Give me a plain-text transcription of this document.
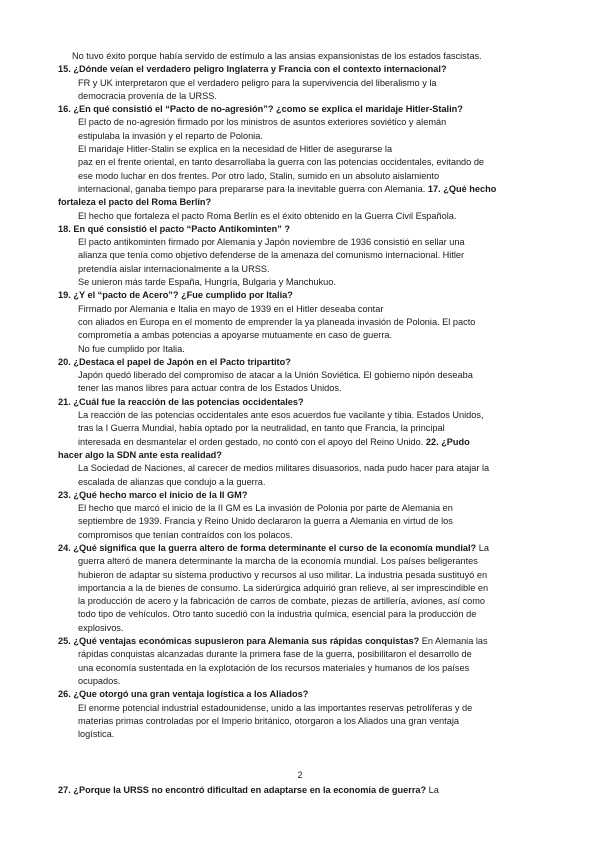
No tuvo éxito porque había servido de estímulo a las ansias expansionistas de los estados fascistas.
15. ¿Dónde veían el verdadero peligro Inglaterra y Francia con el contexto internacional?
FR y UK interpretaron que el verdadero peligro para la supervivencia del liberalismo y la
democracia provenía de la URSS.
16. ¿En qué consistió el “Pacto de no-agresión”? ¿como se explica el maridaje Hitler-Stalin?
El pacto de no-agresión firmado por los ministros de asuntos exteriores soviético y alemán
estipulaba la invasión y el reparto de Polonia.
El maridaje Hitler-Stalin se explica en la necesidad de Hitler de asegurarse la
paz en el frente oriental, en tanto desarrollaba la guerra con las potencias occidentales, evitando de
ese modo luchar en dos frentes. Por otro lado, Stalin, sumido en un absoluto aislamiento
internacional, ganaba tiempo para prepararse para la inevitable guerra con Alemania. 17. ¿Qué hecho
fortaleza el pacto del Roma Berlín?
El hecho que fortaleza el pacto Roma Berlín es el éxito obtenido en la Guerra Civil Española.
18. En qué consistió el pacto “Pacto Antikominten” ?
El pacto antikominten firmado por Alemania y Japón noviembre de 1936 consistió en sellar una
alianza que tenía como objetivo defenderse de la amenaza del comunismo internacional. Hitler
pretendía aislar internacionalmente a la URSS.
Se unieron más tarde España, Hungría, Bulgaria y Manchukuo.
19. ¿Y el “pacto de Acero”? ¿Fue cumplido por Italia?
Firmado por Alemania e Italia en mayo de 1939 en el Hitler deseaba contar
con aliados en Europa en el momento de emprender la ya planeada invasión de Polonia. El pacto
comprometía a ambas potencias a apoyarse mutuamente en caso de guerra.
No fue cumplido por Italia.
20. ¿Destaca el papel de Japón en el Pacto tripartito?
Japón quedó liberado del compromiso de atacar a la Unión Soviética. El gobierno nipón deseaba
tener las manos libres para actuar contra de los Estados Unidos.
21. ¿Cuál fue la reacción de las potencias occidentales?
La reacción de las potencias occidentales ante esos acuerdos fue vacilante y tibia. Estados Unidos,
tras la I Guerra Mundial, había optado por la neutralidad, en tanto que Francia, la principal
interesada en desmantelar el orden gestado, no contó con el apoyo del Reino Unido. 22. ¿Pudo
hacer algo la SDN ante esta realidad?
La Sociedad de Naciones, al carecer de medios militares disuasorios, nada pudo hacer para atajar la
escalada de alianzas que condujo a la guerra.
23. ¿Qué hecho marco el inicio de la II GM?
El hecho que marcó el inicio de la II GM es La invasión de Polonia por parte de Alemania en
septiembre de 1939. Francia y Reino Unido declararon la guerra a Alemania en virtud de los
compromisos que tenían contraídos con los polacos.
24. ¿Qué significa que la guerra altero de forma determinante el curso de la economía mundial? La
guerra alteró de manera determinante la marcha de la economía mundial. Los países beligerantes
hubieron de adaptar su sistema productivo y recursos al uso militar. La industria pesada sustituyó en
importancia a la de bienes de consumo. La siderúrgica adquirió gran relieve, al ser imprescindible en
la producción de acero y la fabricación de carros de combate, piezas de artillería, aviones, así como
todo tipo de vehículos. Otro tanto sucedió con la industria química, esencial para la producción de
explosivos.
25. ¿Qué ventajas económicas supusieron para Alemania sus rápidas conquistas? En Alemania las
rápidas conquistas alcanzadas durante la primera fase de la guerra, posibilitaron el desarrollo de
una economía sustentada en la explotación de los recursos materiales y humanos de los países
ocupados.
26. ¿Que otorgó una gran ventaja logística a los Aliados?
El enorme potencial industrial estadounidense, unido a las importantes reservas petrolíferas y de
materias primas controladas por el Imperio británico, otorgaron a los Aliados una gran ventaja
logística.
2
27. ¿Porque la URSS no encontró dificultad en adaptarse en la economía de guerra? La
